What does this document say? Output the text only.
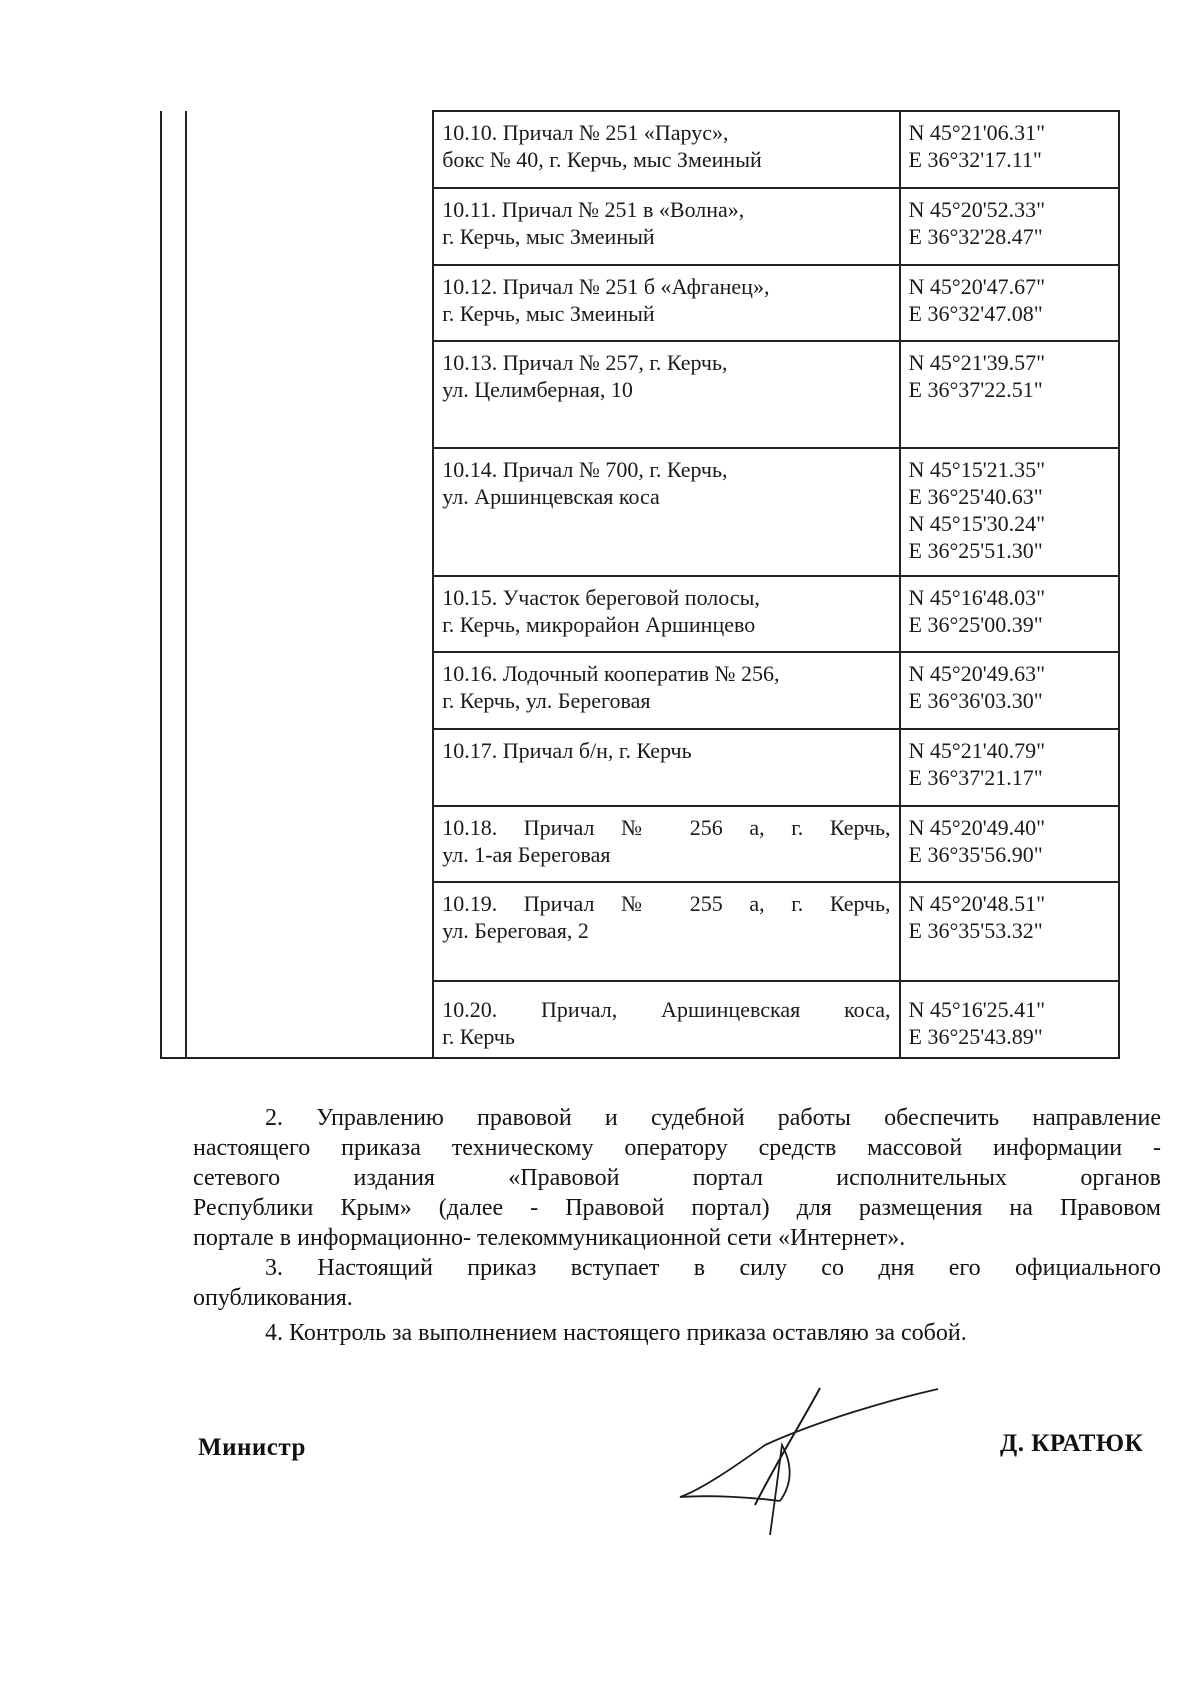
		10.10. Причал № 251 «Парус»,
бокс № 40, г. Керчь, мыс Змеиный	N 45°21'06.31"
E 36°32'17.11"

		10.11. Причал № 251 в «Волна»,
г. Керчь, мыс Змеиный	N 45°20'52.33"
E 36°32'28.47"

		10.12. Причал № 251 б «Афганец»,
г. Керчь, мыс Змеиный	N 45°20'47.67"
E 36°32'47.08"

		10.13. Причал № 257, г. Керчь,
ул. Целимберная, 10	N 45°21'39.57"
E 36°37'22.51"

		10.14. Причал № 700, г. Керчь,
ул. Аршинцевская коса	N 45°15'21.35"
E 36°25'40.63"
N 45°15'30.24"
E 36°25'51.30"

		10.15. Участок береговой полосы,
г. Керчь, микрорайон Аршинцево	N 45°16'48.03"
E 36°25'00.39"

		10.16. Лодочный кооператив № 256,
г. Керчь, ул. Береговая	N 45°20'49.63"
E 36°36'03.30"

		10.17. Причал б/н, г. Керчь	N 45°21'40.79"
E 36°37'21.17"

		10.18. Причал № 256 а, г. Керчь,
ул. 1-ая Береговая	N 45°20'49.40"
E 36°35'56.90"

		10.19. Причал № 255 а, г. Керчь,
ул. Береговая, 2	N 45°20'48.51"
E 36°35'53.32"

		10.20. Причал, Аршинцевская коса,
г. Керчь	N 45°16'25.41"
E 36°25'43.89"

2. Управлению правовой и судебной работы обеспечить направление

настоящего приказа техническому оператору средств массовой информации -

сетевого издания «Правовой портал исполнительных органов

Республики Крым» (далее - Правовой портал) для размещения на Правовом

портале в информационно- телекоммуникационной сети «Интернет».

3. Настоящий приказ вступает в силу со дня его официального

опубликования.

4. Контроль за выполнением настоящего приказа оставляю за собой.

Министр	Д. КРАТЮК
